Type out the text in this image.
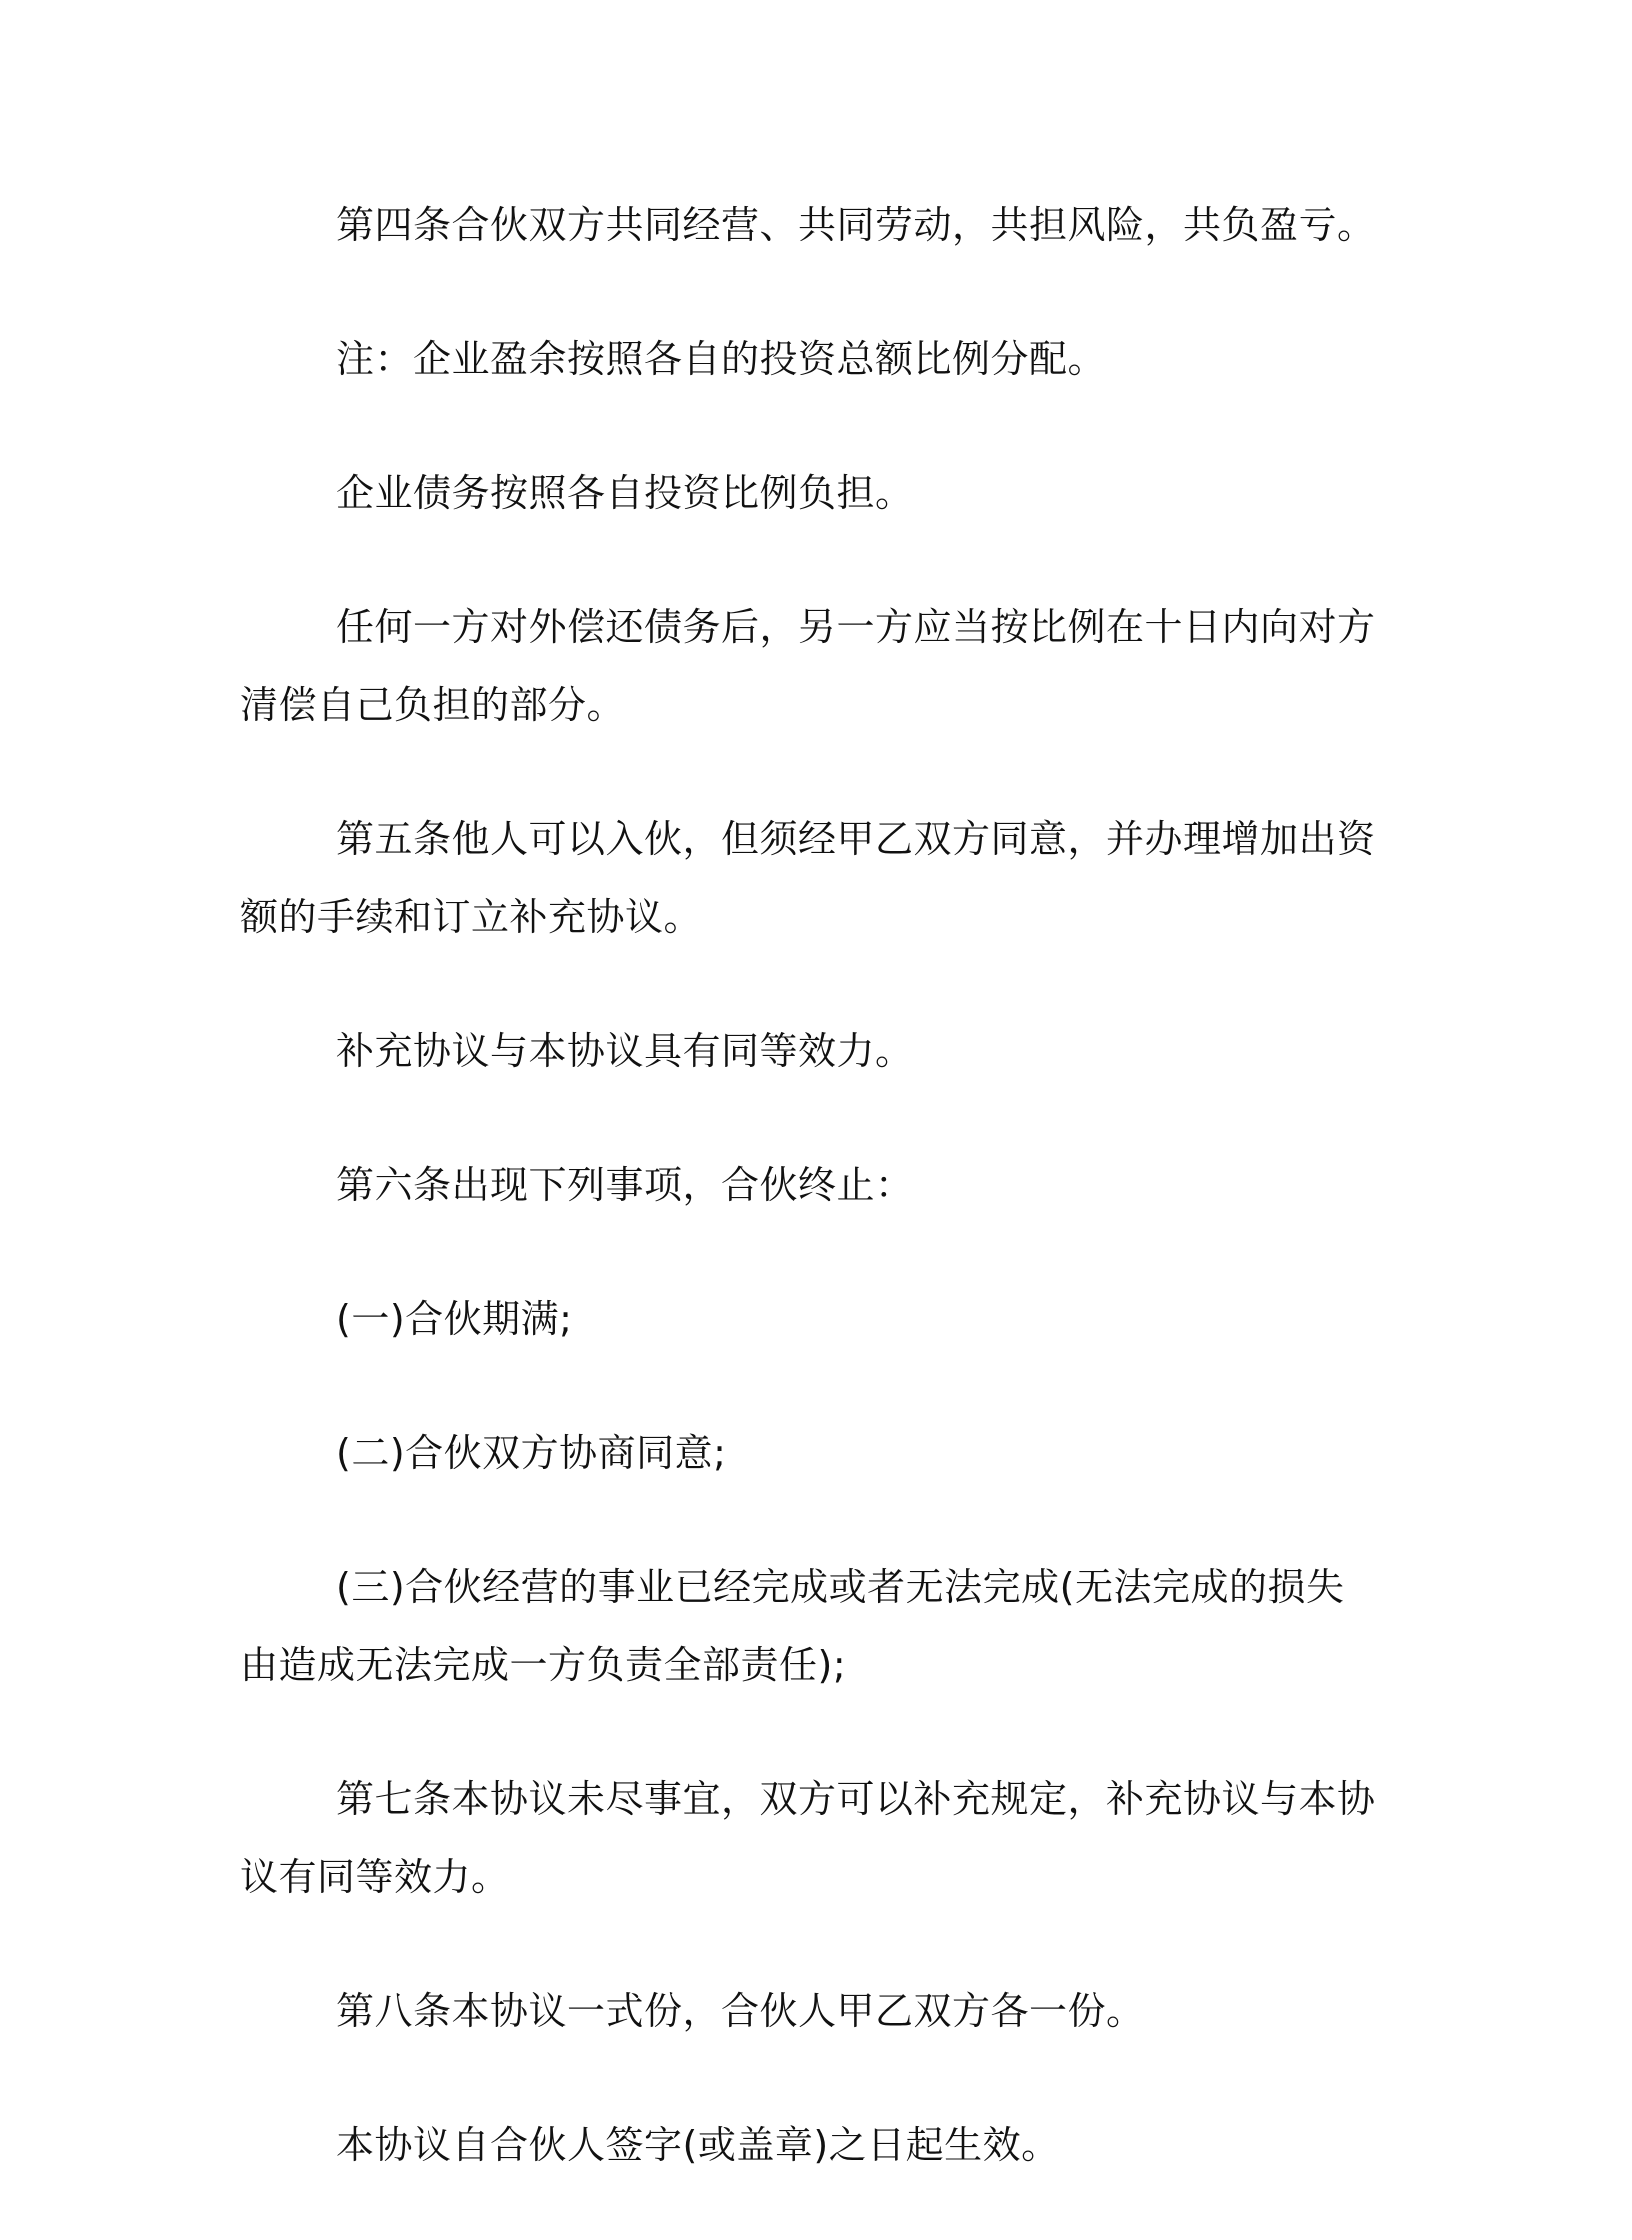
第四条合伙双方共同经营、共同劳动，共担风险，共负盈亏。

注：企业盈余按照各自的投资总额比例分配。

企业债务按照各自投资比例负担。

任何一方对外偿还债务后，另一方应当按比例在十日内向对方清偿自己负担的部分。

第五条他人可以入伙，但须经甲乙双方同意，并办理增加出资额的手续和订立补充协议。

补充协议与本协议具有同等效力。

第六条出现下列事项，合伙终止：

(一)合伙期满;

(二)合伙双方协商同意;

(三)合伙经营的事业已经完成或者无法完成(无法完成的损失由造成无法完成一方负责全部责任);

第七条本协议未尽事宜，双方可以补充规定，补充协议与本协议有同等效力。

第八条本协议一式份，合伙人甲乙双方各一份。

本协议自合伙人签字(或盖章)之日起生效。
